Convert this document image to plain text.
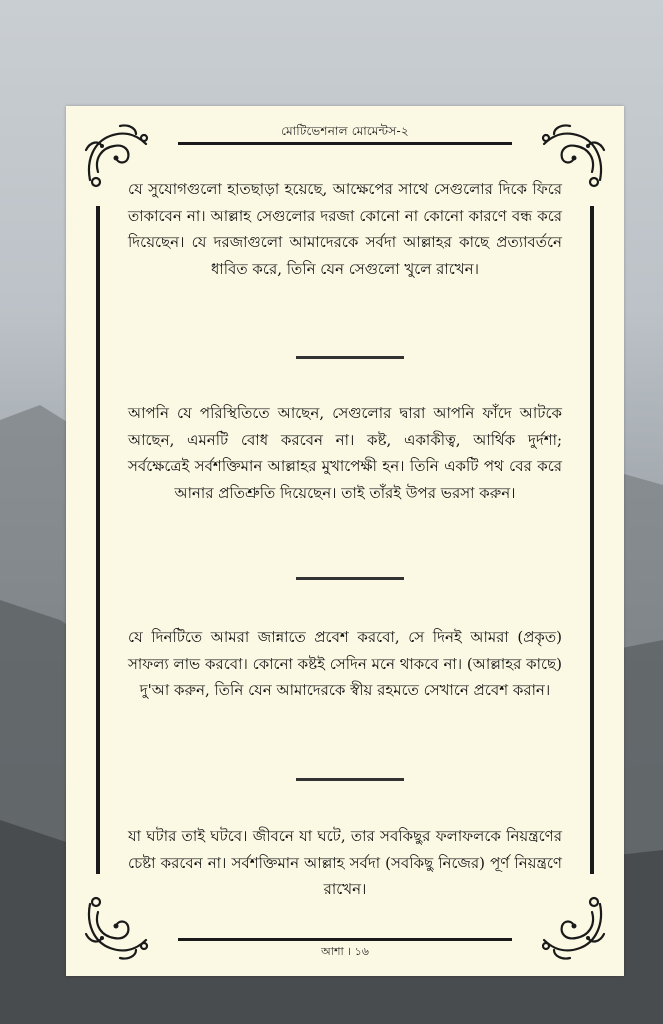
মোটিভেশনাল মোমেন্টস-২
যে সুযোগগুলো হাতছাড়া হয়েছে, আক্ষেপের সাথে সেগুলোর দিকে ফিরে তাকাবেন না। আল্লাহ সেগুলোর দরজা কোনো না কোনো কারণে বন্ধ করে দিয়েছেন। যে দরজাগুলো আমাদেরকে সর্বদা আল্লাহর কাছে প্রত্যাবর্তনে ধাবিত করে, তিনি যেন সেগুলো খুলে রাখেন।
আপনি যে পরিস্থিতিতে আছেন, সেগুলোর দ্বারা আপনি ফাঁদে আটকে আছেন, এমনটি বোধ করবেন না। কষ্ট, একাকীত্ব, আর্থিক দুর্দশা; সর্বক্ষেত্রেই সর্বশক্তিমান আল্লাহর মুখাপেক্ষী হন। তিনি একটি পথ বের করে আনার প্রতিশ্রুতি দিয়েছেন। তাই তাঁরই উপর ভরসা করুন।
যে দিনটিতে আমরা জান্নাতে প্রবেশ করবো, সে দিনই আমরা (প্রকৃত) সাফল্য লাভ করবো। কোনো কষ্টই সেদিন মনে থাকবে না। (আল্লাহর কাছে) দু'আ করুন, তিনি যেন আমাদেরকে স্বীয় রহমতে সেখানে প্রবেশ করান।
যা ঘটার তাই ঘটবে। জীবনে যা ঘটে, তার সবকিছুর ফলাফলকে নিয়ন্ত্রণের চেষ্টা করবেন না। সর্বশক্তিমান আল্লাহ সর্বদা (সবকিছু নিজের) পূর্ণ নিয়ন্ত্রণে রাখেন।
আশা । ১৬
